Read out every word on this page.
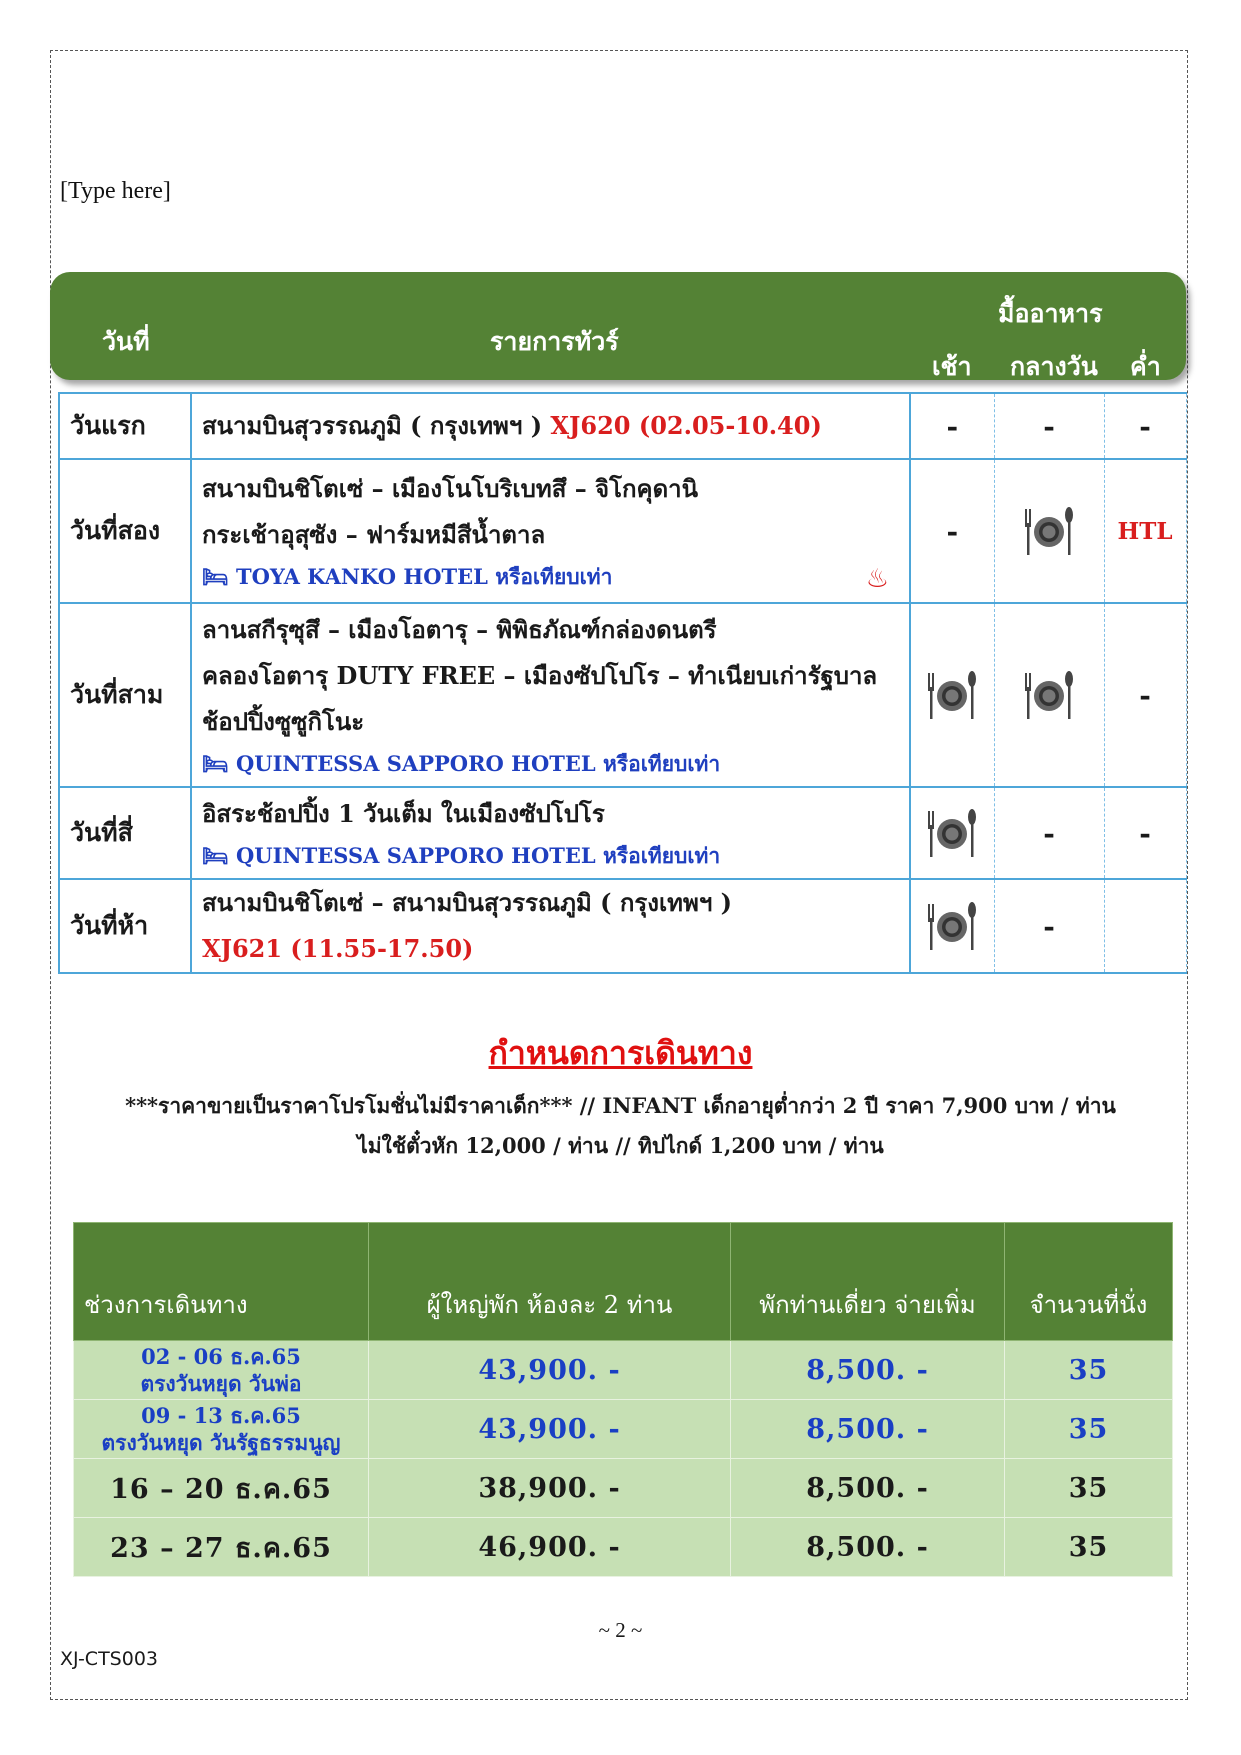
[Type here]
วันที่	รายการทัวร์
มื้ออาหาร
เช้า กลางวัน ค่ำ
วันแรก	สนามบินสุวรรณภูมิ ( กรุงเทพฯ ) XJ620 (02.05-10.40)	-	-	-
วันที่สอง	สนามบินชิโตเซ่ – เมืองโนโบริเบทสึ – จิโกคุดานิ
กระเช้าอุสุซัง – ฟาร์มหมีสีน้ำตาล
🛏 TOYA KANKO HOTEL หรือเทียบเท่า ♨	-		HTL
วันที่สาม	ลานสกีรุซุสึ – เมืองโอตารุ – พิพิธภัณฑ์กล่องดนตรี
คลองโอตารุ DUTY FREE – เมืองซัปโปโร – ทำเนียบเก่ารัฐบาล
ช้อปปิ้งซูซูกิโนะ
🛏 QUINTESSA SAPPORO HOTEL หรือเทียบเท่า			-
วันที่สี่	อิสระช้อปปิ้ง 1 วันเต็ม ในเมืองซัปโปโร
🛏 QUINTESSA SAPPORO HOTEL หรือเทียบเท่า		-	-
วันที่ห้า	สนามบินชิโตเซ่ – สนามบินสุวรรณภูมิ ( กรุงเทพฯ )
XJ621 (11.55-17.50)		-	
กำหนดการเดินทาง
***ราคาขายเป็นราคาโปรโมชั่นไม่มีราคาเด็ก*** // INFANT เด็กอายุต่ำกว่า 2 ปี ราคา 7,900 บาท / ท่าน
ไม่ใช้ตั๋วหัก 12,000 / ท่าน // ทิปไกด์ 1,200 บาท / ท่าน
ช่วงการเดินทาง	ผู้ใหญ่พัก ห้องละ 2 ท่าน	พักท่านเดี่ยว จ่ายเพิ่ม	จำนวนที่นั่ง

02 - 06 ธ.ค.65
ตรงวันหยุด วันพ่อ	43,900. -	8,500. -	35

09 - 13 ธ.ค.65
ตรงวันหยุด วันรัฐธรรมนูญ	43,900. -	8,500. -	35
16 – 20 ธ.ค.65	38,900. -	8,500. -	35
23 – 27 ธ.ค.65	46,900. -	8,500. -	35
~ 2 ~
XJ-CTS003
